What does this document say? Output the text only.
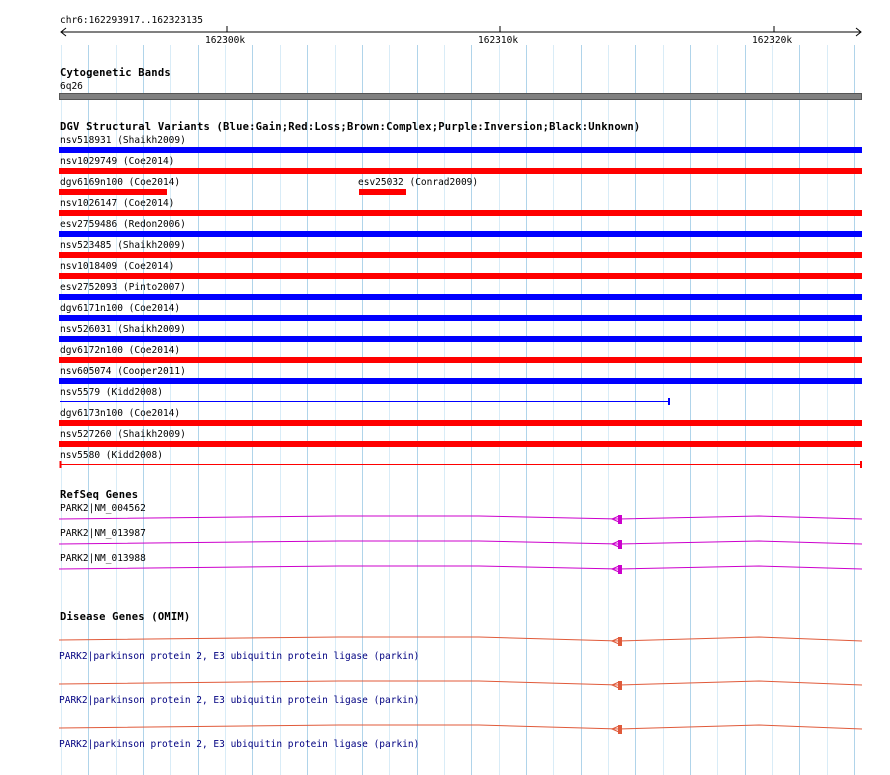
chr6:162293917..162323135
162300k	162310k	162320k
Cytogenetic Bands
6q26
DGV Structural Variants (Blue:Gain;Red:Loss;Brown:Complex;Purple:Inversion;Black:Unknown)
nsv518931 (Shaikh2009)
nsv1029749 (Coe2014)
dgv6169n100 (Coe2014)	esv25032 (Conrad2009)
nsv1026147 (Coe2014)
esv2759486 (Redon2006)
nsv523485 (Shaikh2009)
nsv1018409 (Coe2014)
esv2752093 (Pinto2007)
dgv6171n100 (Coe2014)
nsv526031 (Shaikh2009)
dgv6172n100 (Coe2014)
nsv605074 (Cooper2011)
nsv5579 (Kidd2008)
dgv6173n100 (Coe2014)
nsv527260 (Shaikh2009)
nsv5580 (Kidd2008)
RefSeq Genes
PARK2|NM_004562
PARK2|NM_013987
PARK2|NM_013988
Disease Genes (OMIM)
PARK2|parkinson protein 2, E3 ubiquitin protein ligase (parkin)
PARK2|parkinson protein 2, E3 ubiquitin protein ligase (parkin)
PARK2|parkinson protein 2, E3 ubiquitin protein ligase (parkin)
